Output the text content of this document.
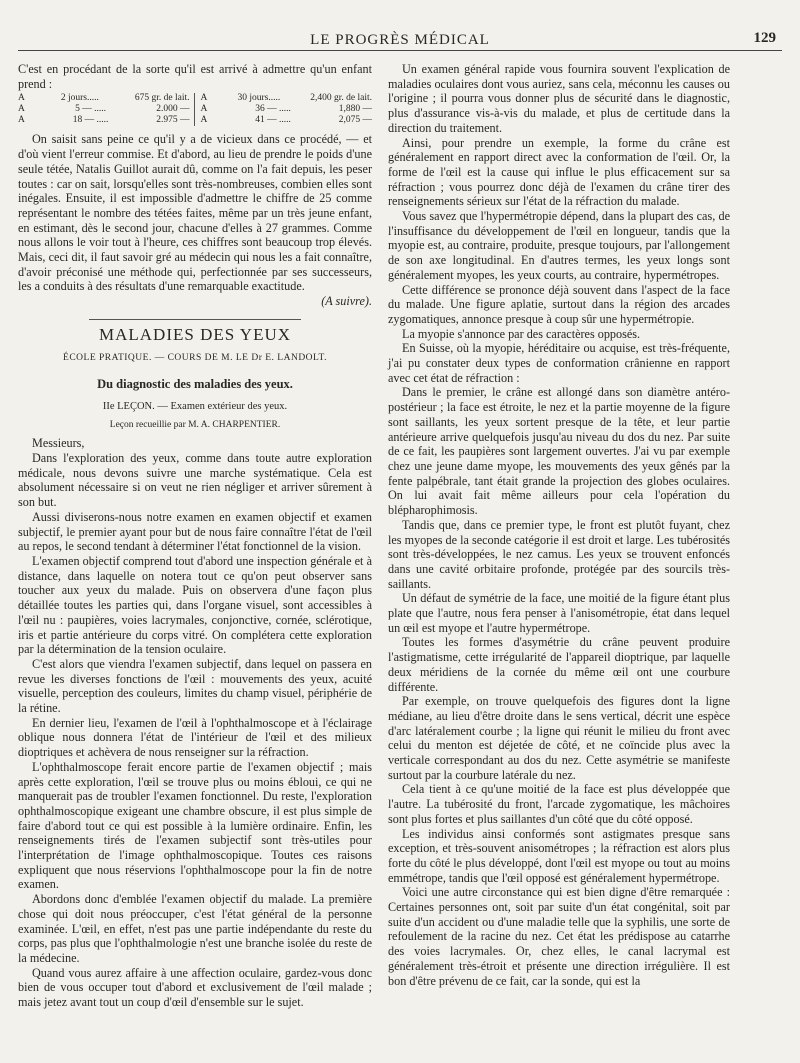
LE PROGRÈS MÉDICAL	129

C'est en procédant de la sorte qu'il est arrivé à admettre qu'un enfant prend :

A	2 jours.....	675 gr. de lait.
A	5 — .....	2.000 —
A	18 — .....	2.975 —
A	30 jours.....	2,400 gr. de lait.
A	36 — .....	1,880 —
A	41 — .....	2,075 —

On saisit sans peine ce qu'il y a de vicieux dans ce procédé, — et d'où vient l'erreur commise. Et d'abord, au lieu de prendre le poids d'une seule tétée, Natalis Guillot aurait dû, comme on l'a fait depuis, les peser toutes : car on sait, lorsqu'elles sont très-nombreuses, combien elles sont inégales. Ensuite, il est impossible d'admettre le chiffre de 25 comme représentant le nombre des tétées faites, même par un très jeune enfant, en estimant, dès le second jour, chacune d'elles à 27 grammes. Comme nous allons le voir tout à l'heure, ces chiffres sont beaucoup trop élevés. Mais, ceci dit, il faut savoir gré au médecin qui nous les a fait connaître, d'avoir préconisé une méthode qui, perfectionnée par ses successeurs, les a conduits à des résultats d'une remarquable exactitude.

(A suivre).

MALADIES DES YEUX
ÉCOLE PRATIQUE. — COURS DE M. LE Dr E. LANDOLT.
Du diagnostic des maladies des yeux.
IIe LEÇON. — Examen extérieur des yeux.
Leçon recueillie par M. A. CHARPENTIER.

Messieurs,

Dans l'exploration des yeux, comme dans toute autre exploration médicale, nous devons suivre une marche systématique. Cela est absolument nécessaire si on veut ne rien négliger et arriver sûrement à son but.

Aussi diviserons-nous notre examen en examen objectif et examen subjectif, le premier ayant pour but de nous faire connaître l'état de l'œil au repos, le second tendant à déterminer l'état fonctionnel de la vision.

L'examen objectif comprend tout d'abord une inspection générale et à distance, dans laquelle on notera tout ce qu'on peut observer sans toucher aux yeux du malade. Puis on observera d'une façon plus détaillée toutes les parties qui, dans l'organe visuel, sont accessibles à l'œil nu : paupières, voies lacrymales, conjonctive, cornée, sclérotique, iris et partie antérieure du corps vitré. On complétera cette exploration par la détermination de la tension oculaire.

C'est alors que viendra l'examen subjectif, dans lequel on passera en revue les diverses fonctions de l'œil : mouvements des yeux, acuité visuelle, perception des couleurs, limites du champ visuel, périphérie de la rétine.

En dernier lieu, l'examen de l'œil à l'ophthalmoscope et à l'éclairage oblique nous donnera l'état de l'intérieur de l'œil et des milieux dioptriques et achèvera de nous renseigner sur la réfraction.

L'ophthalmoscope ferait encore partie de l'examen objectif ; mais après cette exploration, l'œil se trouve plus ou moins ébloui, ce qui ne manquerait pas de troubler l'examen fonctionnel. Du reste, l'exploration ophthalmoscopique exigeant une chambre obscure, il est plus simple de faire d'abord tout ce qui est possible à la lumière ordinaire. Enfin, les renseignements tirés de l'examen subjectif sont très-utiles pour l'interprétation de l'image ophthalmoscopique. Toutes ces raisons expliquent que nous réservions l'ophthalmoscope pour la fin de notre examen.

Abordons donc d'emblée l'examen objectif du malade. La première chose qui doit nous préoccuper, c'est l'état général de la personne examinée. L'œil, en effet, n'est pas une partie indépendante du reste du corps, pas plus que l'ophthalmologie n'est une branche isolée du reste de la médecine.

Quand vous aurez affaire à une affection oculaire, gardez-vous donc bien de vous occuper tout d'abord et exclusivement de l'œil malade ; mais jetez avant tout un coup d'œil d'ensemble sur le sujet.

Un examen général rapide vous fournira souvent l'explication de maladies oculaires dont vous auriez, sans cela, méconnu les causes ou l'origine ; il pourra vous donner plus de sécurité dans le diagnostic, plus d'assurance vis-à-vis du malade, et plus de certitude dans la direction du traitement.

Ainsi, pour prendre un exemple, la forme du crâne est généralement en rapport direct avec la conformation de l'œil. Or, la forme de l'œil est la cause qui influe le plus efficacement sur sa réfraction ; vous pourrez donc déjà de l'examen du crâne tirer des renseignements sérieux sur l'état de la réfraction du malade.

Vous savez que l'hypermétropie dépend, dans la plupart des cas, de l'insuffisance du développement de l'œil en longueur, tandis que la myopie est, au contraire, produite, presque toujours, par l'allongement de son axe longitudinal. En d'autres termes, les yeux longs sont généralement myopes, les yeux courts, au contraire, hypermétropes.

Cette différence se prononce déjà souvent dans l'aspect de la face du malade. Une figure aplatie, surtout dans la région des arcades zygomatiques, annonce presque à coup sûr une hypermétropie.

La myopie s'annonce par des caractères opposés.

En Suisse, où la myopie, héréditaire ou acquise, est très-fréquente, j'ai pu constater deux types de conformation crânienne en rapport avec cet état de réfraction :

Dans le premier, le crâne est allongé dans son diamètre antéro-postérieur ; la face est étroite, le nez et la partie moyenne de la figure sont saillants, les yeux sortent presque de la tête, et leur partie antérieure arrive quelquefois jusqu'au niveau du dos du nez. Par suite de ce fait, les paupières sont largement ouvertes. J'ai vu par exemple chez une jeune dame myope, les mouvements des yeux gênés par la fente palpébrale, tant était grande la projection des globes oculaires. On lui avait fait même ailleurs pour cela l'opération du blépharophimosis.

Tandis que, dans ce premier type, le front est plutôt fuyant, chez les myopes de la seconde catégorie il est droit et large. Les tubérosités sont très-développées, le nez camus. Les yeux se trouvent enfoncés dans une cavité orbitaire profonde, protégée par des sourcils très-saillants.

Un défaut de symétrie de la face, une moitié de la figure étant plus plate que l'autre, nous fera penser à l'anisométropie, état dans lequel un œil est myope et l'autre hypermétrope.

Toutes les formes d'asymétrie du crâne peuvent produire l'astigmatisme, cette irrégularité de l'appareil dioptrique, par laquelle deux méridiens de la cornée du même œil ont une courbure différente.

Par exemple, on trouve quelquefois des figures dont la ligne médiane, au lieu d'être droite dans le sens vertical, décrit une espèce d'arc latéralement courbe ; la ligne qui réunit le milieu du front avec celui du menton est déjetée de côté, et ne coïncide plus avec la verticale correspondant au dos du nez. Cette asymétrie se manifeste surtout par la courbure latérale du nez.

Cela tient à ce qu'une moitié de la face est plus développée que l'autre. La tubérosité du front, l'arcade zygomatique, les mâchoires sont plus fortes et plus saillantes d'un côté que du côté opposé.

Les individus ainsi conformés sont astigmates presque sans exception, et très-souvent anisométropes ; la réfraction est alors plus forte du côté le plus développé, dont l'œil est myope ou tout au moins emmétrope, tandis que l'œil opposé est généralement hypermétrope.

Voici une autre circonstance qui est bien digne d'être remarquée : Certaines personnes ont, soit par suite d'un état congénital, soit par suite d'un accident ou d'une maladie telle que la syphilis, une sorte de refoulement de la racine du nez. Cet état les prédispose au catarrhe des voies lacrymales. Or, chez elles, le canal lacrymal est généralement très-étroit et présente une direction irrégulière. Il est bon d'être prévenu de ce fait, car la sonde, qui est la
